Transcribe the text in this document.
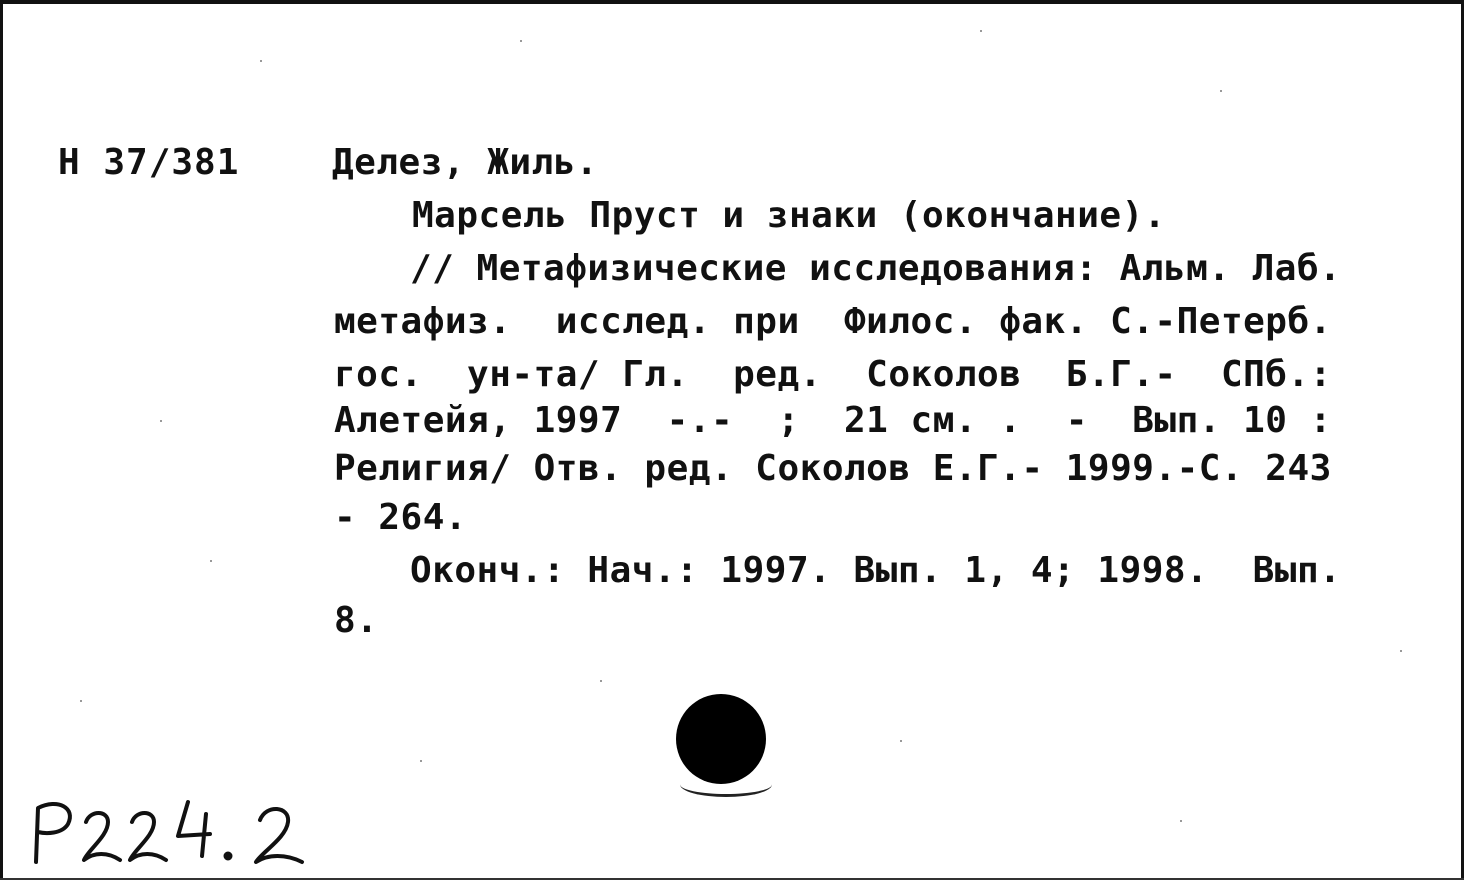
Н 37/381	Делез, Жиль.
Марсель Пруст и знаки (окончание).
// Метафизические исследования: Альм. Лаб.
метафиз.  исслед. при  Филос. фак. С.-Петерб.
гос.  ун-та/ Гл.  ред.  Соколов  Б.Г.-  СПб.:
Алетейя, 1997  -.-  ;  21 см. .  -  Вып. 10 :
Религия/ Отв. ред. Соколов Е.Г.- 1999.-С. 243
- 264.
Оконч.: Нач.: 1997. Вып. 1, 4; 1998.  Вып.
8.
